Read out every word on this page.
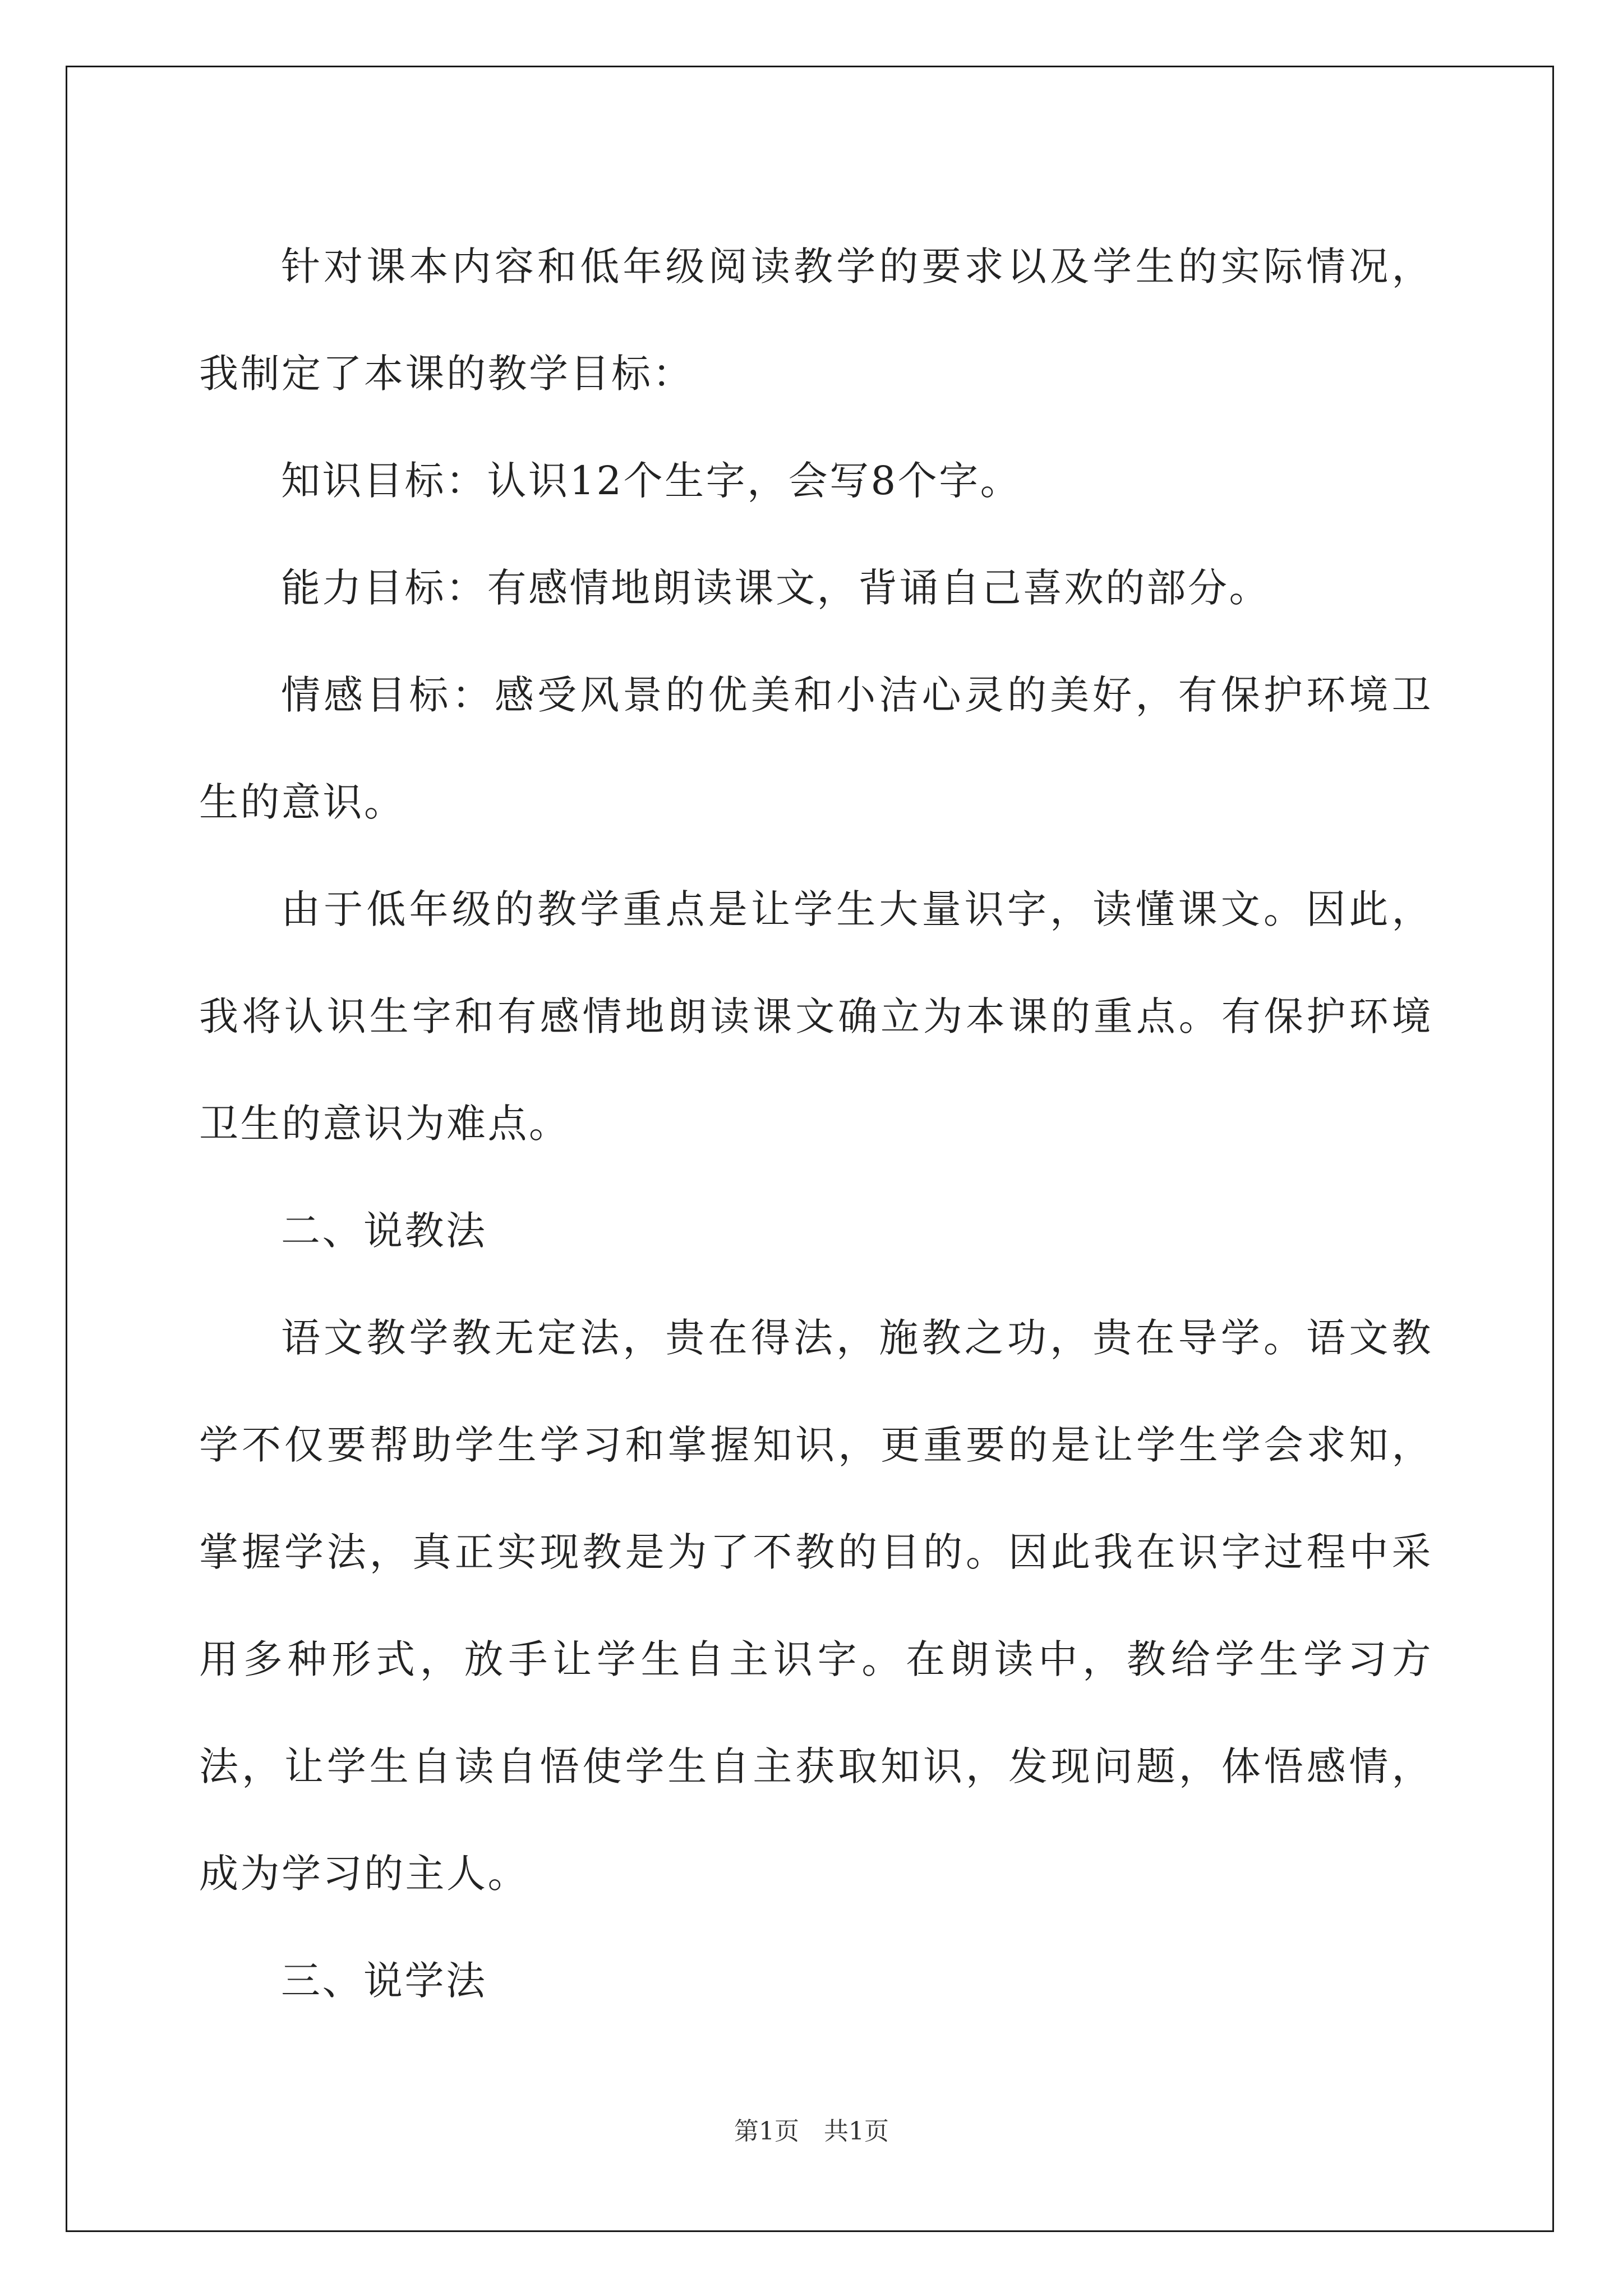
针对课本内容和低年级阅读教学的要求以及学生的实际情况，我制定了本课的教学目标：

知识目标：认识12个生字，会写8个字。

能力目标：有感情地朗读课文，背诵自己喜欢的部分。

情感目标：感受风景的优美和小洁心灵的美好，有保护环境卫生的意识。

由于低年级的教学重点是让学生大量识字，读懂课文。因此，我将认识生字和有感情地朗读课文确立为本课的重点。有保护环境卫生的意识为难点。

二、说教法

语文教学教无定法，贵在得法，施教之功，贵在导学。语文教学不仅要帮助学生学习和掌握知识，更重要的是让学生学会求知，掌握学法，真正实现教是为了不教的目的。因此我在识字过程中采用多种形式，放手让学生自主识字。在朗读中，教给学生学习方法，让学生自读自悟使学生自主获取知识，发现问题，体悟感情，成为学习的主人。

三、说学法

第1页　共1页
